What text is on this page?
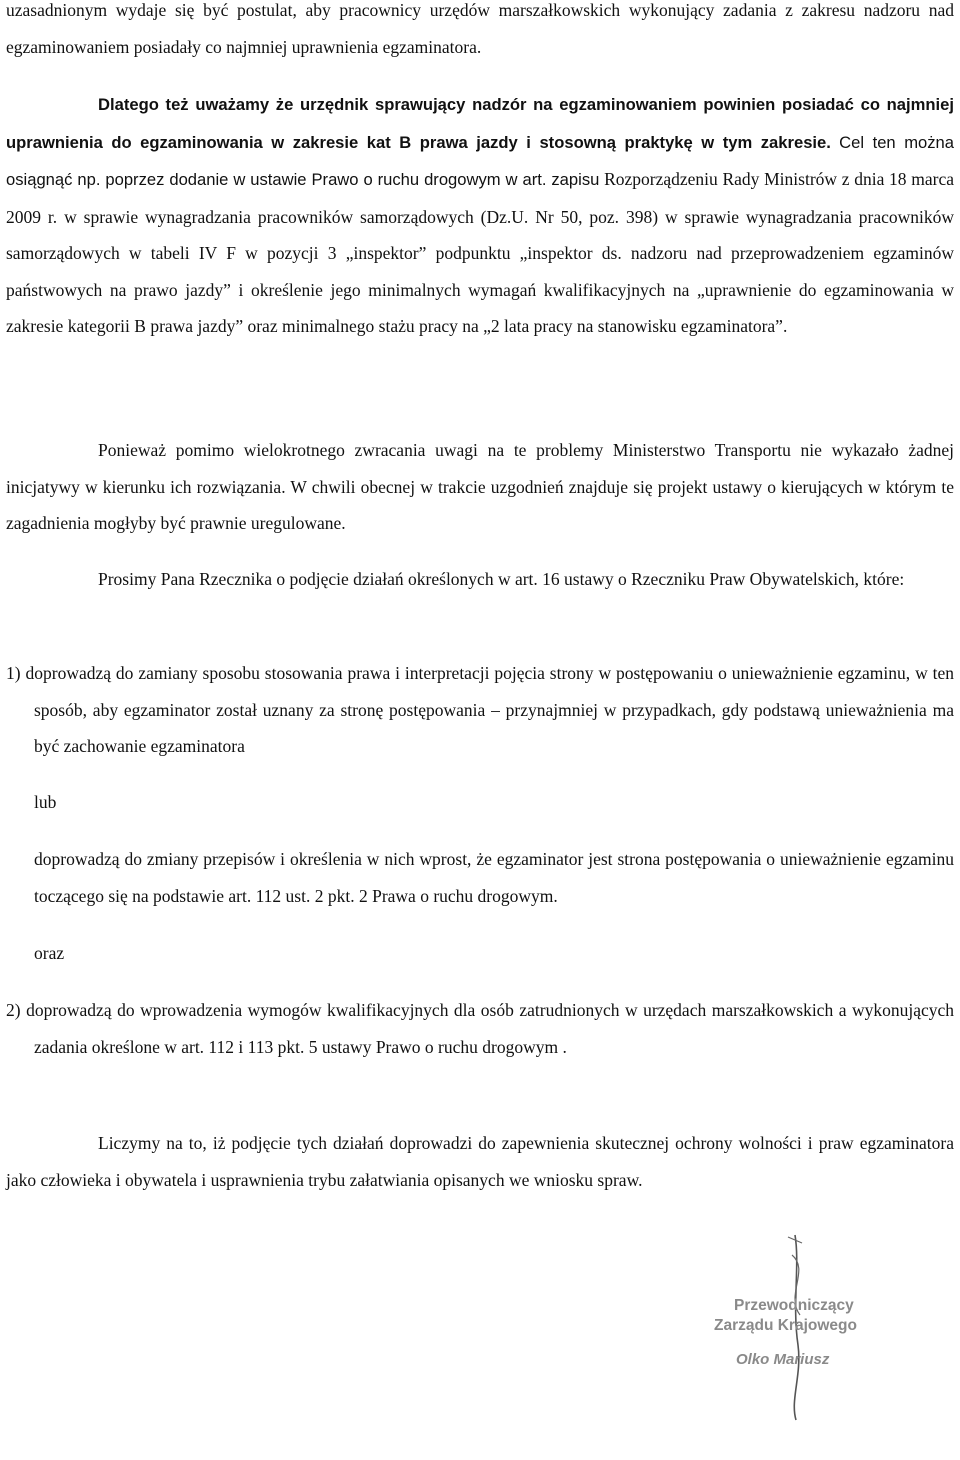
uzasadnionym wydaje się być postulat, aby pracownicy urzędów marszałkowskich wykonujący zadania z zakresu nadzoru nad egzaminowaniem posiadały co najmniej uprawnienia egzaminatora.

Dlatego też uważamy że urzędnik sprawujący nadzór na egzaminowaniem powinien posiadać co najmniej uprawnienia do egzaminowania w zakresie kat B prawa jazdy i stosowną praktykę w tym zakresie. Cel ten można osiągnąć np. poprzez dodanie w ustawie Prawo o ruchu drogowym w art. zapisu Rozporządzeniu Rady Ministrów z dnia 18 marca 2009 r. w sprawie wynagradzania pracowników samorządowych (Dz.U. Nr 50, poz. 398) w sprawie wynagradzania pracowników samorządowych w tabeli IV F w pozycji 3 „inspektor” podpunktu „inspektor ds. nadzoru nad przeprowadzeniem egzaminów państwowych na prawo jazdy” i określenie jego minimalnych wymagań kwalifikacyjnych na „uprawnienie do egzaminowania w zakresie kategorii B prawa jazdy” oraz minimalnego stażu pracy na „2 lata pracy na stanowisku egzaminatora”.

Ponieważ pomimo wielokrotnego zwracania uwagi na te problemy Ministerstwo Transportu nie wykazało żadnej inicjatywy w kierunku ich rozwiązania. W chwili obecnej w trakcie uzgodnień znajduje się projekt ustawy o kierujących w którym te zagadnienia mogłyby być prawnie uregulowane.

Prosimy Pana Rzecznika o podjęcie działań określonych w art. 16 ustawy o Rzeczniku Praw Obywatelskich, które:

1) doprowadzą do zamiany sposobu stosowania prawa i interpretacji pojęcia strony w postępowaniu o unieważnienie egzaminu, w ten sposób, aby egzaminator został uznany za stronę postępowania – przynajmniej w przypadkach, gdy podstawą unieważnienia ma być zachowanie egzaminatora

lub

doprowadzą do zmiany przepisów i określenia w nich wprost, że egzaminator jest strona postępowania o unieważnienie egzaminu toczącego się na podstawie art. 112 ust. 2 pkt. 2 Prawa o ruchu drogowym.

oraz

2) doprowadzą do wprowadzenia wymogów kwalifikacyjnych dla osób zatrudnionych w urzędach marszałkowskich a wykonujących zadania określone w art. 112 i 113 pkt. 5 ustawy Prawo o ruchu drogowym .

Liczymy na to, iż podjęcie tych działań doprowadzi do zapewnienia skutecznej ochrony wolności i praw egzaminatora jako człowieka i obywatela i usprawnienia trybu załatwiania opisanych we wniosku spraw.

Przewodniczący
Zarządu Krajowego
Olko Mariusz
